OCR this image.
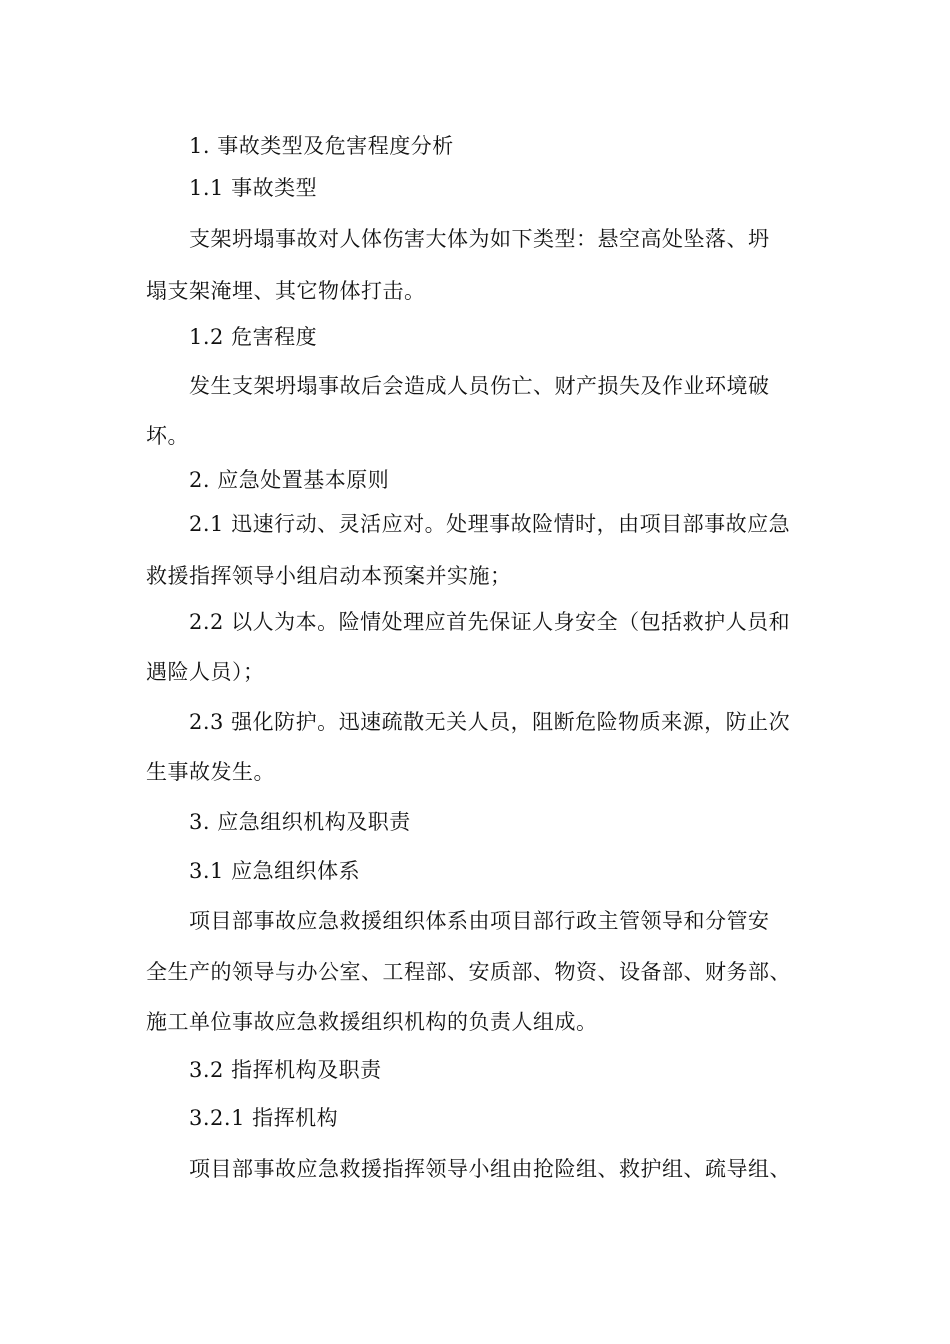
1. 事故类型及危害程度分析
1.1 事故类型
支架坍塌事故对人体伤害大体为如下类型：悬空高处坠落、坍
塌支架淹埋、其它物体打击。
1.2 危害程度
发生支架坍塌事故后会造成人员伤亡、财产损失及作业环境破
坏。
2. 应急处置基本原则
2.1 迅速行动、灵活应对。处理事故险情时，由项目部事故应急
救援指挥领导小组启动本预案并实施；
2.2 以人为本。险情处理应首先保证人身安全（包括救护人员和
遇险人员）；
2.3 强化防护。迅速疏散无关人员，阻断危险物质来源，防止次
生事故发生。
3. 应急组织机构及职责
3.1 应急组织体系
项目部事故应急救援组织体系由项目部行政主管领导和分管安
全生产的领导与办公室、工程部、安质部、物资、设备部、财务部、
施工单位事故应急救援组织机构的负责人组成。
3.2 指挥机构及职责
3.2.1 指挥机构
项目部事故应急救援指挥领导小组由抢险组、救护组、疏导组、
